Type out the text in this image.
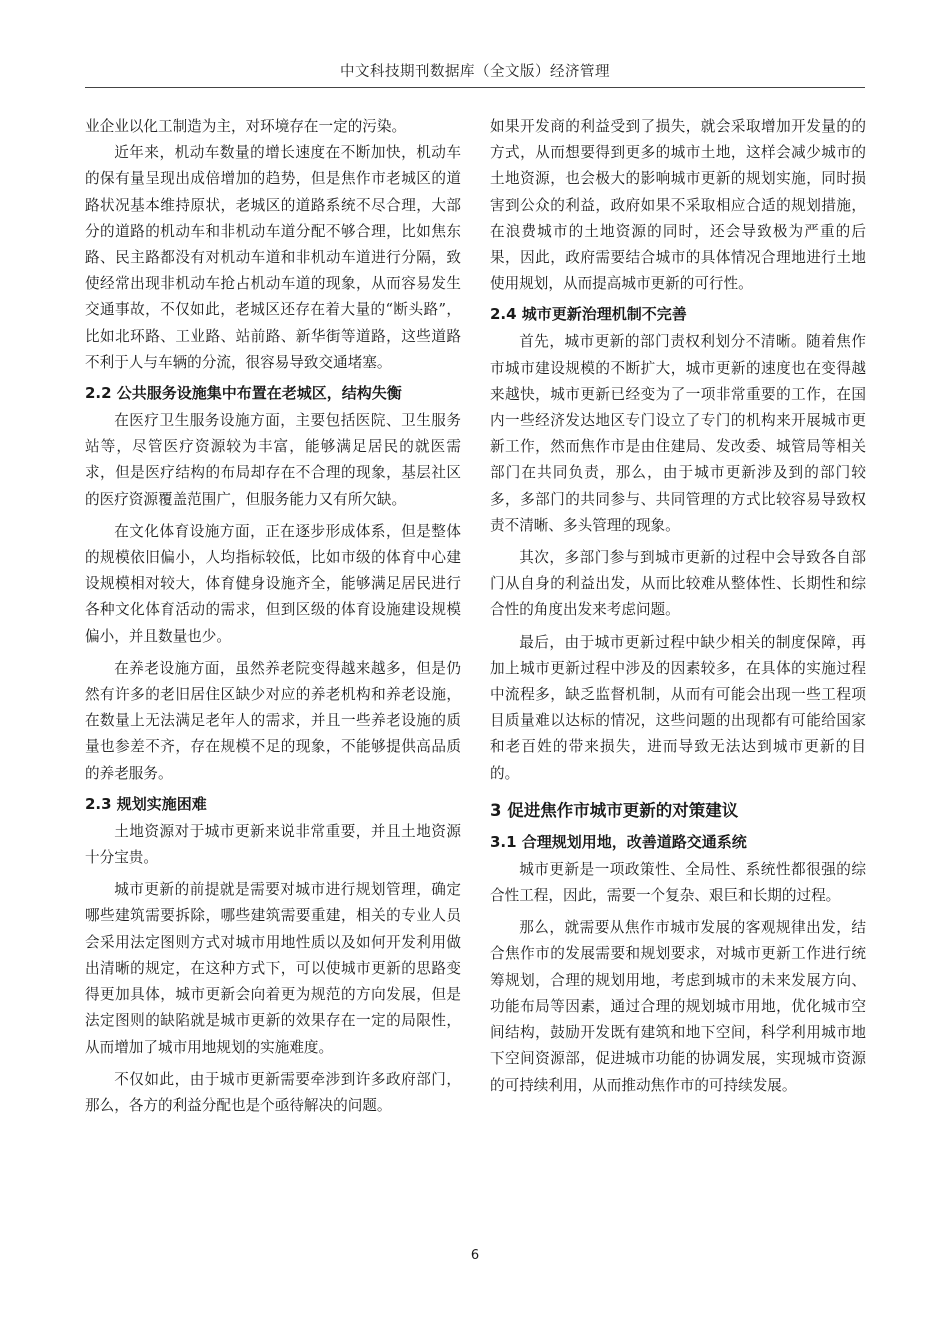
中文科技期刊数据库（全文版）经济管理

业企业以化工制造为主，对环境存在一定的污染。

近年来，机动车数量的增长速度在不断加快，机动车的保有量呈现出成倍增加的趋势，但是焦作市老城区的道路状况基本维持原状，老城区的道路系统不尽合理，大部分的道路的机动车和非机动车道分配不够合理，比如焦东路、民主路都没有对机动车道和非机动车道进行分隔，致使经常出现非机动车抢占机动车道的现象，从而容易发生交通事故，不仅如此，老城区还存在着大量的“断头路”，比如北环路、工业路、站前路、新华街等道路，这些道路不利于人与车辆的分流，很容易导致交通堵塞。

2.2 公共服务设施集中布置在老城区，结构失衡

在医疗卫生服务设施方面，主要包括医院、卫生服务站等，尽管医疗资源较为丰富，能够满足居民的就医需求，但是医疗结构的布局却存在不合理的现象，基层社区的医疗资源覆盖范围广，但服务能力又有所欠缺。

在文化体育设施方面，正在逐步形成体系，但是整体的规模依旧偏小，人均指标较低，比如市级的体育中心建设规模相对较大，体育健身设施齐全，能够满足居民进行各种文化体育活动的需求，但到区级的体育设施建设规模偏小，并且数量也少。

在养老设施方面，虽然养老院变得越来越多，但是仍然有许多的老旧居住区缺少对应的养老机构和养老设施，在数量上无法满足老年人的需求，并且一些养老设施的质量也参差不齐，存在规模不足的现象，不能够提供高品质的养老服务。

2.3 规划实施困难

土地资源对于城市更新来说非常重要，并且土地资源十分宝贵。

城市更新的前提就是需要对城市进行规划管理，确定哪些建筑需要拆除，哪些建筑需要重建，相关的专业人员会采用法定图则方式对城市用地性质以及如何开发利用做出清晰的规定，在这种方式下，可以使城市更新的思路变得更加具体，城市更新会向着更为规范的方向发展，但是法定图则的缺陷就是城市更新的效果存在一定的局限性，从而增加了城市用地规划的实施难度。

不仅如此，由于城市更新需要牵涉到许多政府部门，那么，各方的利益分配也是个亟待解决的问题。

如果开发商的利益受到了损失，就会采取增加开发量的的方式，从而想要得到更多的城市土地，这样会减少城市的土地资源，也会极大的影响城市更新的规划实施，同时损害到公众的利益，政府如果不采取相应合适的规划措施，在浪费城市的土地资源的同时，还会导致极为严重的后果，因此，政府需要结合城市的具体情况合理地进行土地使用规划，从而提高城市更新的可行性。

2.4 城市更新治理机制不完善

首先，城市更新的部门责权利划分不清晰。随着焦作市城市建设规模的不断扩大，城市更新的速度也在变得越来越快，城市更新已经变为了一项非常重要的工作，在国内一些经济发达地区专门设立了专门的机构来开展城市更新工作，然而焦作市是由住建局、发改委、城管局等相关部门在共同负责，那么，由于城市更新涉及到的部门较多，多部门的共同参与、共同管理的方式比较容易导致权责不清晰、多头管理的现象。

其次，多部门参与到城市更新的过程中会导致各自部门从自身的利益出发，从而比较难从整体性、长期性和综合性的角度出发来考虑问题。

最后，由于城市更新过程中缺少相关的制度保障，再加上城市更新过程中涉及的因素较多，在具体的实施过程中流程多，缺乏监督机制，从而有可能会出现一些工程项目质量难以达标的情况，这些问题的出现都有可能给国家和老百姓的带来损失，进而导致无法达到城市更新的目的。

3 促进焦作市城市更新的对策建议
3.1 合理规划用地，改善道路交通系统

城市更新是一项政策性、全局性、系统性都很强的综合性工程，因此，需要一个复杂、艰巨和长期的过程。

那么，就需要从焦作市城市发展的客观规律出发，结合焦作市的发展需要和规划要求，对城市更新工作进行统筹规划，合理的规划用地，考虑到城市的未来发展方向、功能布局等因素，通过合理的规划城市用地，优化城市空间结构，鼓励开发既有建筑和地下空间，科学利用城市地下空间资源部，促进城市功能的协调发展，实现城市资源的可持续利用，从而推动焦作市的可持续发展。

6
